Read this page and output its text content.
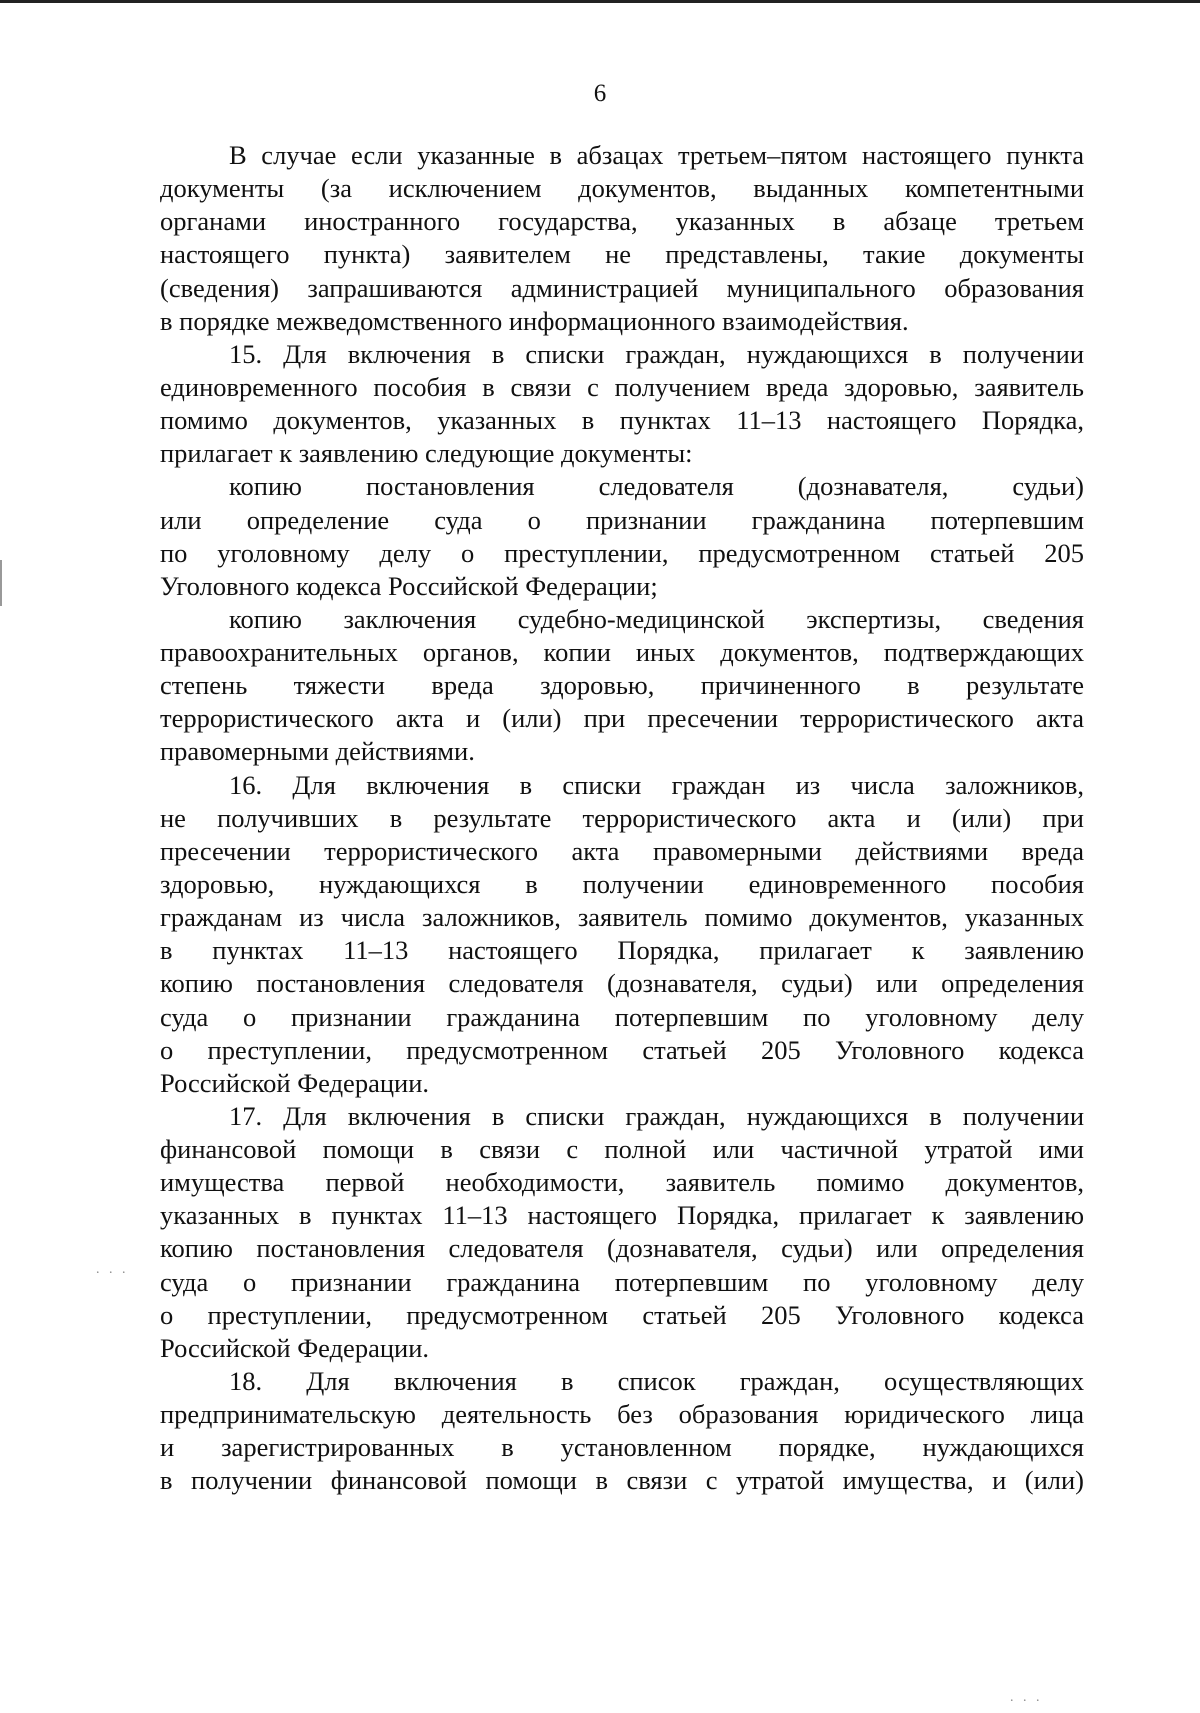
. . .
. . .
6
В случае если указанные в абзацах третьем–пятом настоящего пункта
документы (за исключением документов, выданных компетентными
органами иностранного государства, указанных в абзаце третьем
настоящего пункта) заявителем не представлены, такие документы
(сведения) запрашиваются администрацией муниципального образования
в порядке межведомственного информационного взаимодействия.
15. Для включения в списки граждан, нуждающихся в получении
единовременного пособия в связи с получением вреда здоровью, заявитель
помимо документов, указанных в пунктах 11–13 настоящего Порядка,
прилагает к заявлению следующие документы:
копию постановления следователя (дознавателя, судьи)
или определение суда о признании гражданина потерпевшим
по уголовному делу о преступлении, предусмотренном статьей 205
Уголовного кодекса Российской Федерации;
копию заключения судебно-медицинской экспертизы, сведения
правоохранительных органов, копии иных документов, подтверждающих
степень тяжести вреда здоровью, причиненного в результате
террористического акта и (или) при пресечении террористического акта
правомерными действиями.
16. Для включения в списки граждан из числа заложников,
не получивших в результате террористического акта и (или) при
пресечении террористического акта правомерными действиями вреда
здоровью, нуждающихся в получении единовременного пособия
гражданам из числа заложников, заявитель помимо документов, указанных
в пунктах 11–13 настоящего Порядка, прилагает к заявлению
копию постановления следователя (дознавателя, судьи) или определения
суда о признании гражданина потерпевшим по уголовному делу
о преступлении, предусмотренном статьей 205 Уголовного кодекса
Российской Федерации.
17. Для включения в списки граждан, нуждающихся в получении
финансовой помощи в связи с полной или частичной утратой ими
имущества первой необходимости, заявитель помимо документов,
указанных в пунктах 11–13 настоящего Порядка, прилагает к заявлению
копию постановления следователя (дознавателя, судьи) или определения
суда о признании гражданина потерпевшим по уголовному делу
о преступлении, предусмотренном статьей 205 Уголовного кодекса
Российской Федерации.
18. Для включения в список граждан, осуществляющих
предпринимательскую деятельность без образования юридического лица
и зарегистрированных в установленном порядке, нуждающихся
в получении финансовой помощи в связи с утратой имущества, и (или)
